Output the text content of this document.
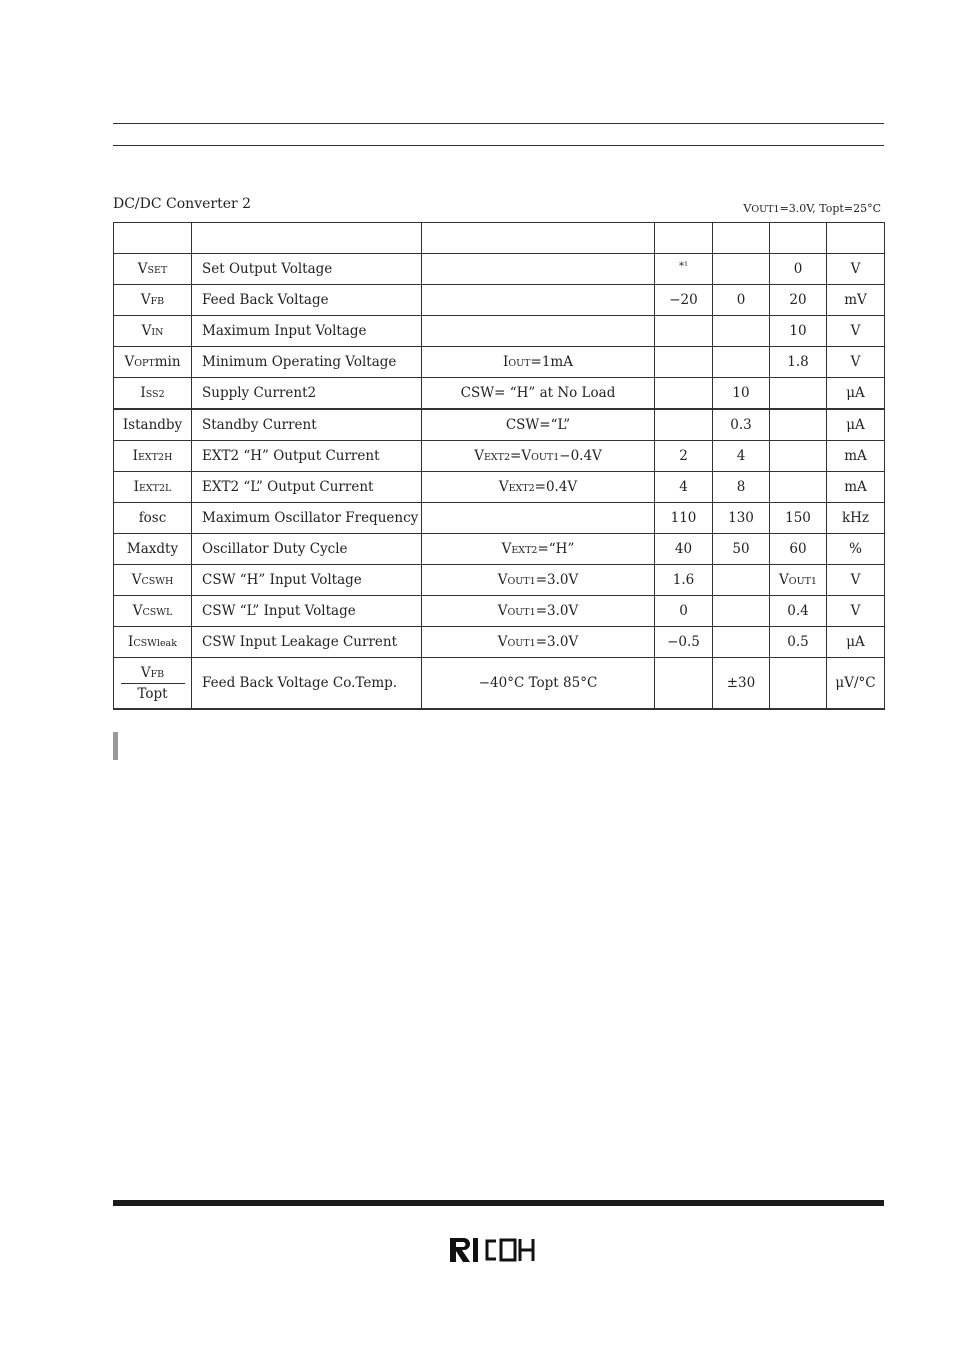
DC/DC Converter 2	VOUT1=3.0V, Topt=25°C

VSET	Set Output Voltage		$^{*^1}$		0	V
VFB	Feed Back Voltage		−20	0	20	mV
VIN	Maximum Input Voltage				10	V
VOPTmin	Minimum Operating Voltage	IOUT=1mA			1.8	V
ISS2	Supply Current2	CSW= “H” at No Load		10		μA
Istandby	Standby Current	CSW=“L”		0.3		μA
IEXT2H	EXT2 “H” Output Current	VEXT2=VOUT1−0.4V	2	4		mA
IEXT2L	EXT2 “L” Output Current	VEXT2=0.4V	4	8		mA
fosc	Maximum Oscillator Frequency		110	130	150	kHz
Maxdty	Oscillator Duty Cycle	VEXT2=“H”	40	50	60	%
VCSWH	CSW “H” Input Voltage	VOUT1=3.0V	1.6		VOUT1	V
VCSWL	CSW “L” Input Voltage	VOUT1=3.0V	0		0.4	V
ICSWleak	CSW Input Leakage Current	VOUT1=3.0V	−0.5		0.5	μA

$\frac{\text{VFB}}{\text{Topt}}$	Feed Back Voltage Co.Temp.	−40°C Topt 85°C		±30		μV/°C
